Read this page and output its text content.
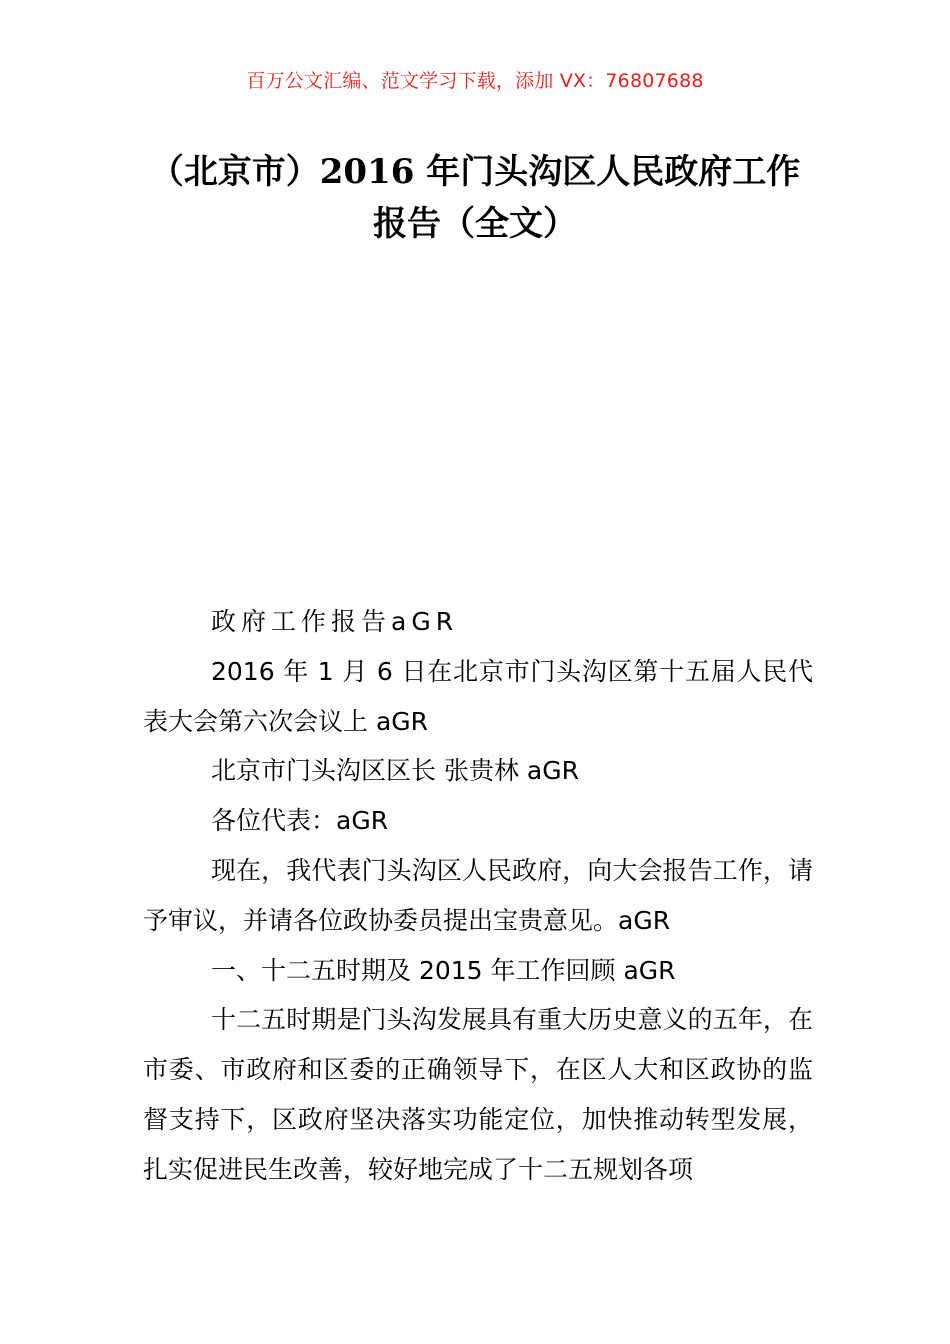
百万公文汇编、范文学习下载，添加 VX：76807688
（北京市）2016 年门头沟区人民政府工作
报告（全文）

政府工作报告aGR

2016 年 1 月 6 日在北京市门头沟区第十五届人民代表大会第六次会议上 aGR

北京市门头沟区区长 张贵林 aGR

各位代表：aGR

现在，我代表门头沟区人民政府，向大会报告工作，请予审议，并请各位政协委员提出宝贵意见。aGR

一、十二五时期及 2015 年工作回顾 aGR

十二五时期是门头沟发展具有重大历史意义的五年，在市委、市政府和区委的正确领导下，在区人大和区政协的监督支持下，区政府坚决落实功能定位，加快推动转型发展，扎实促进民生改善，较好地完成了十二五规划各项
